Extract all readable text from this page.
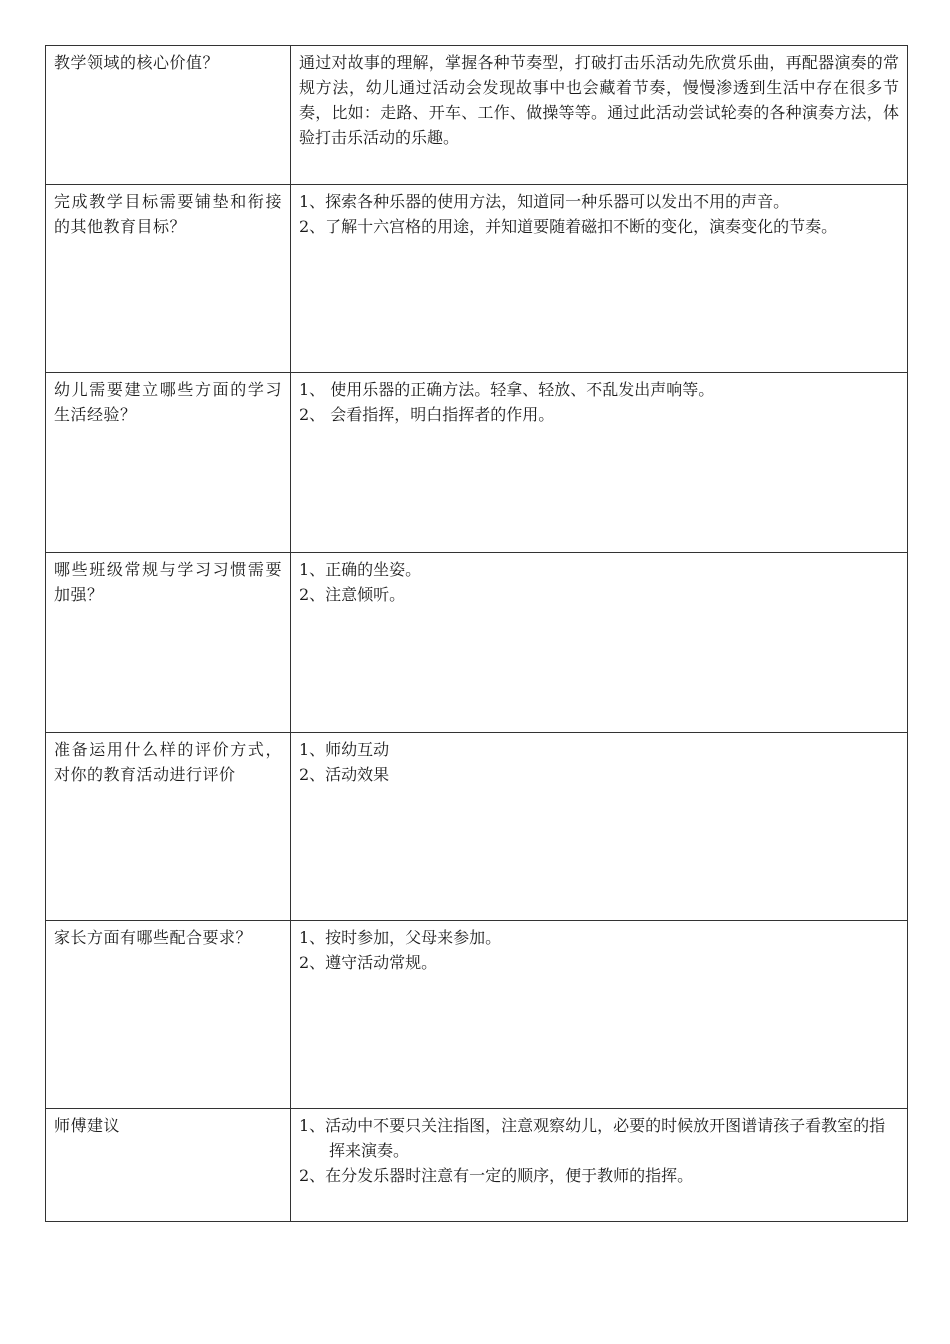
教学领域的核心价值？	通过对故事的理解，掌握各种节奏型，打破打击乐活动先欣赏乐曲，再配器演奏的常规方法，幼儿通过活动会发现故事中也会藏着节奏，慢慢渗透到生活中存在很多节奏，比如：走路、开车、工作、做操等等。通过此活动尝试轮奏的各种演奏方法，体验打击乐活动的乐趣。

完成教学目标需要铺垫和衔接的其他教育目标？	1、探索各种乐器的使用方法，知道同一种乐器可以发出不用的声音。
2、了解十六宫格的用途，并知道要随着磁扣不断的变化，演奏变化的节奏。

幼儿需要建立哪些方面的学习生活经验？	1、 使用乐器的正确方法。轻拿、轻放、不乱发出声响等。
2、 会看指挥，明白指挥者的作用。

哪些班级常规与学习习惯需要加强？	1、正确的坐姿。
2、注意倾听。

准备运用什么样的评价方式，对你的教育活动进行评价	1、师幼互动
2、活动效果

家长方面有哪些配合要求？	1、按时参加，父母来参加。
2、遵守活动常规。

师傅建议	1、活动中不要只关注指图，注意观察幼儿，必要的时候放开图谱请孩子看教室的指挥来演奏。
2、在分发乐器时注意有一定的顺序，便于教师的指挥。
